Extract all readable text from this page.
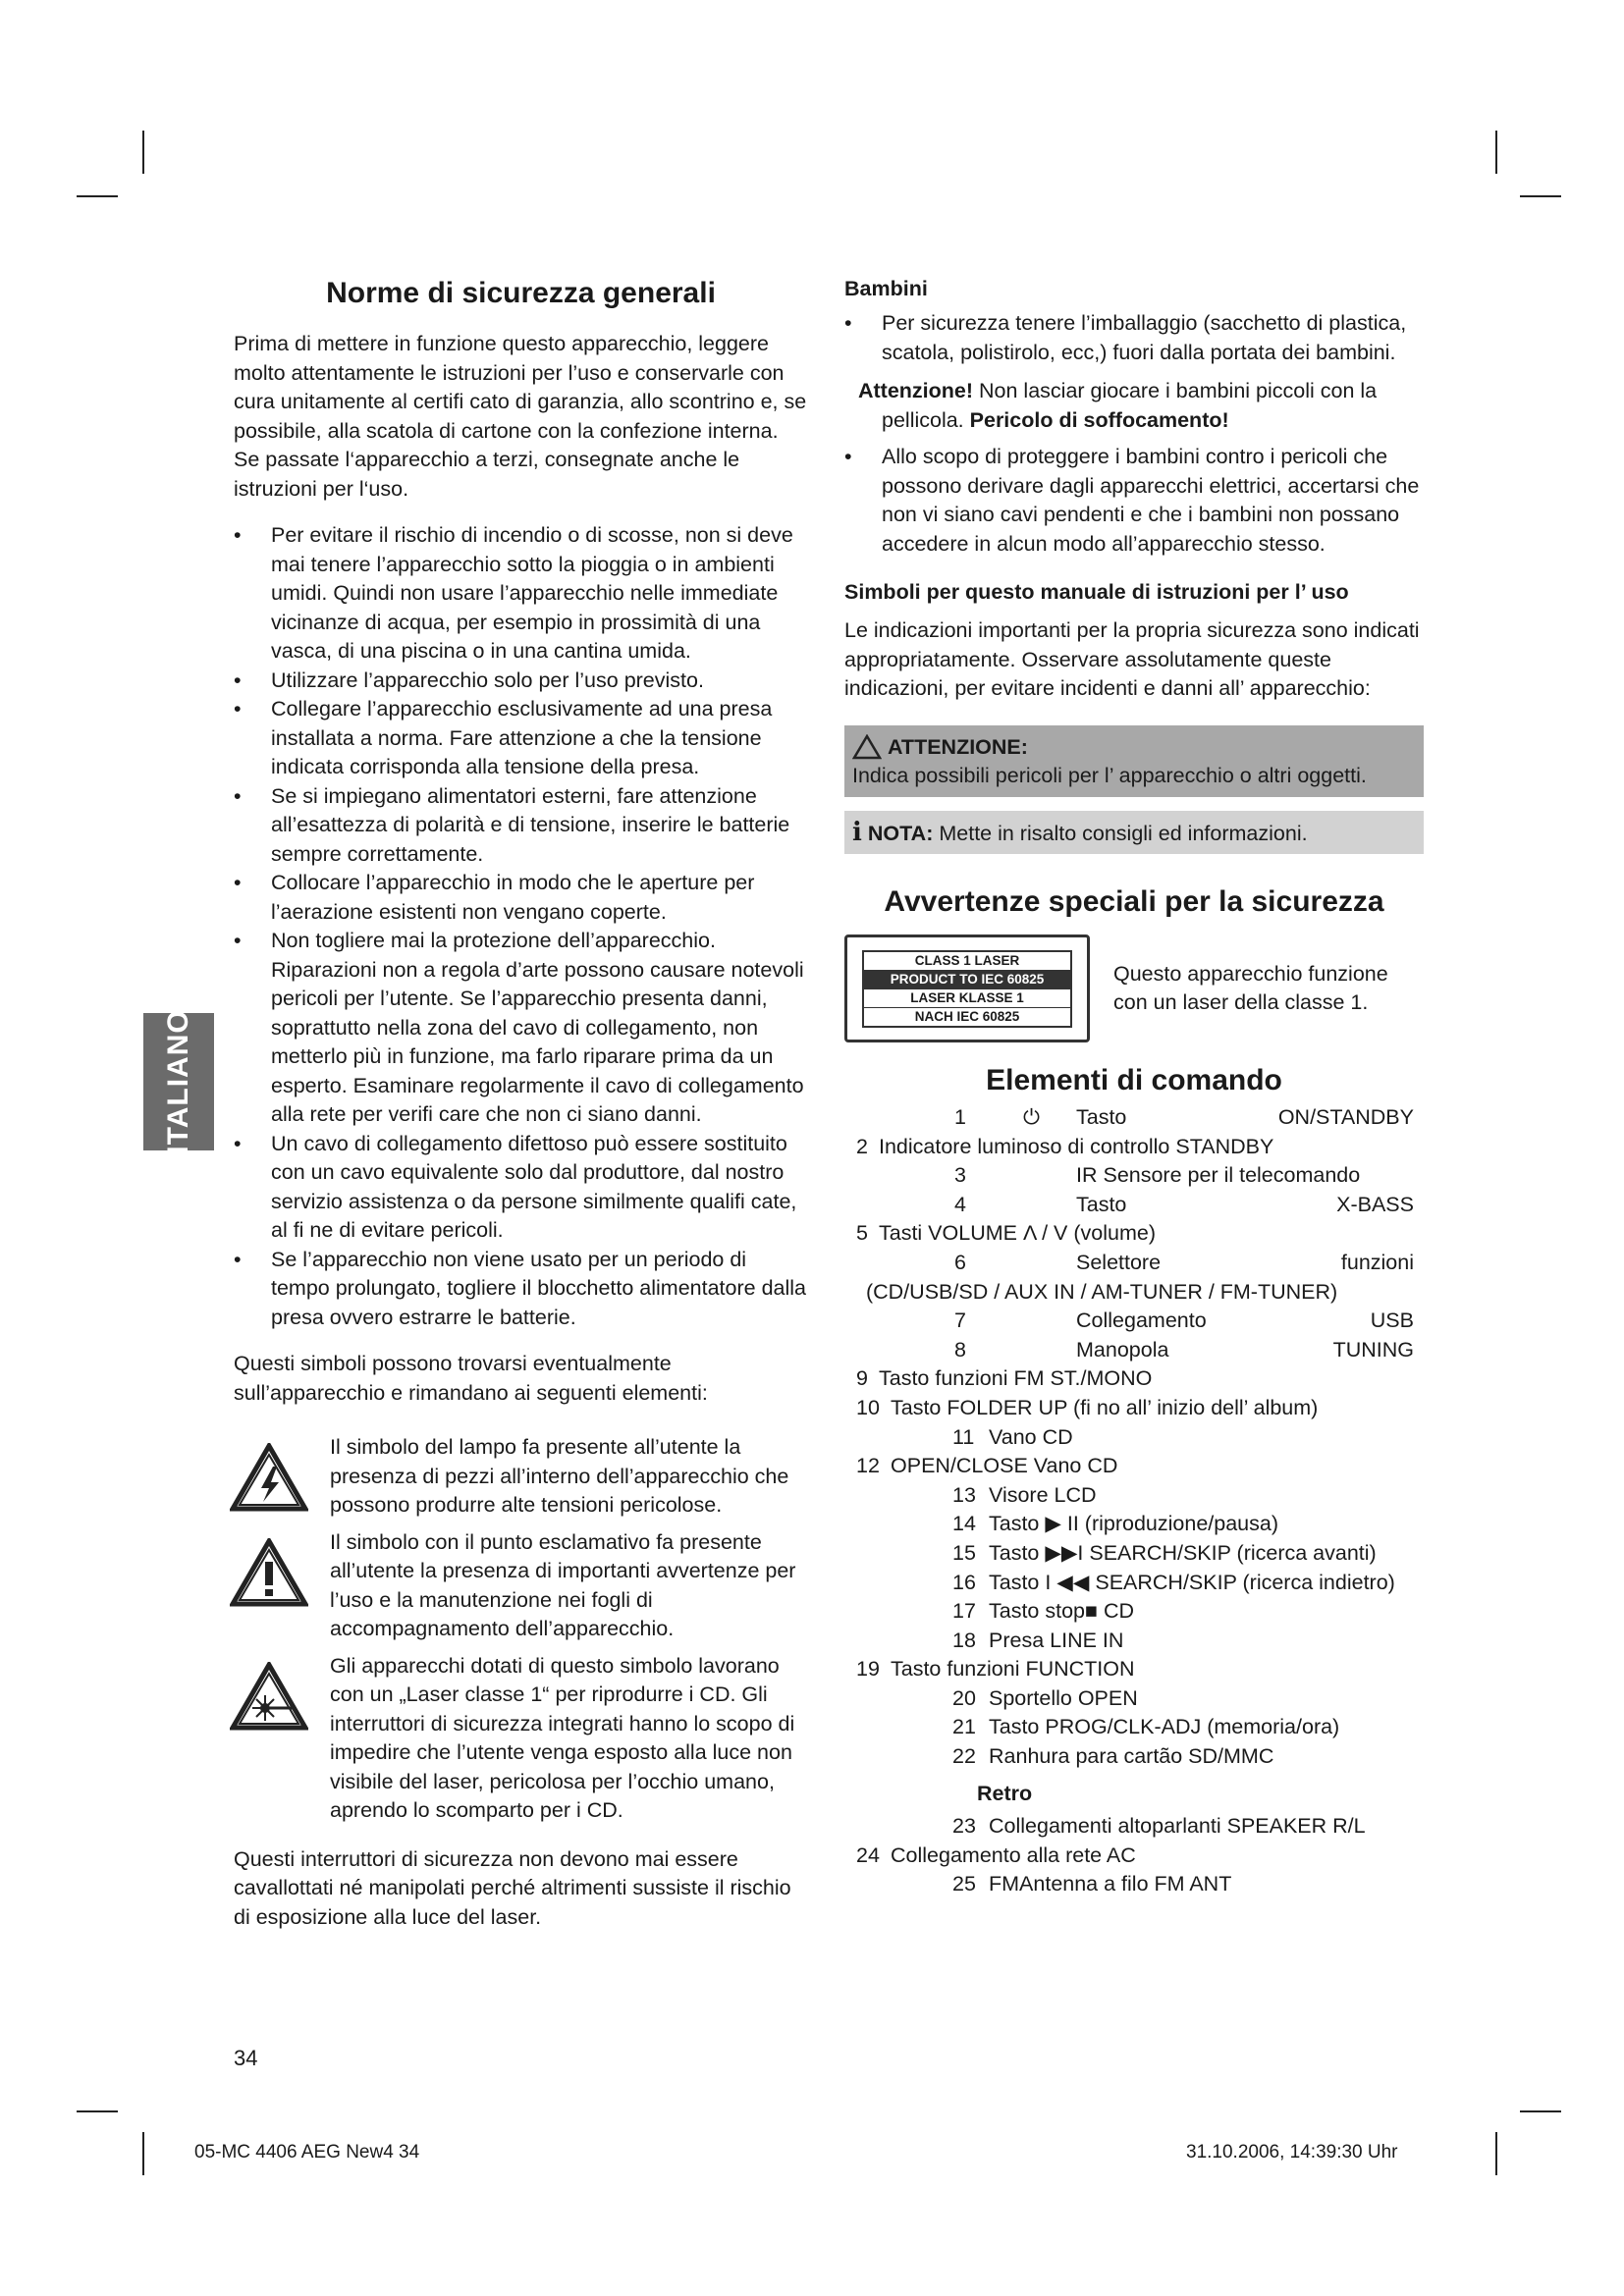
ITALIANO
Norme di sicurezza generali

Prima di mettere in funzione questo apparecchio, leggere molto attentamente le istruzioni per l’uso e conservarle con cura unitamente al certifi cato di garanzia, allo scontrino e, se possibile, alla scatola di cartone con la confezione interna. Se passate l‘apparecchio a terzi, consegnate anche le istruzioni per l‘uso.

• Per evitare il rischio di incendio o di scosse, non si deve mai tenere l’apparecchio sotto la pioggia o in ambienti umidi. Quindi non usare l’apparecchio nelle immediate vicinanze di acqua, per esempio in prossimità di una vasca, di una piscina o in una cantina umida.
• Utilizzare l’apparecchio solo per l’uso previsto.
• Collegare l’apparecchio esclusivamente ad una presa installata a norma. Fare attenzione a che la tensione indicata corrisponda alla tensione della presa.
• Se si impiegano alimentatori esterni, fare attenzione all’esattezza di polarità e di tensione, inserire le batterie sempre correttamente.
• Collocare l’apparecchio in modo che le aperture per l’aerazione esistenti non vengano coperte.
• Non togliere mai la protezione dell’apparecchio. Riparazioni non a regola d’arte possono causare notevoli pericoli per l’utente. Se l’apparecchio presenta danni, soprattutto nella zona del cavo di collegamento, non metterlo più in funzione, ma farlo riparare prima da un esperto. Esaminare regolarmente il cavo di collegamento alla rete per verifi care che non ci siano danni.
• Un cavo di collegamento difettoso può essere sostituito con un cavo equivalente solo dal produttore, dal nostro servizio assistenza o da persone similmente qualifi cate, al fi ne di evitare pericoli.
• Se l’apparecchio non viene usato per un periodo di tempo prolungato, togliere il blocchetto alimentatore dalla presa ovvero estrarre le batterie.

Questi simboli possono trovarsi eventualmente sull’apparecchio e rimandano ai seguenti elementi:

Il simbolo del lampo fa presente all’utente la presenza di pezzi all’interno dell’apparecchio che possono produrre alte tensioni pericolose.
Il simbolo con il punto esclamativo fa presente all’utente la presenza di importanti avvertenze per l’uso e la manutenzione nei fogli di accompagnamento dell’apparecchio.
Gli apparecchi dotati di questo simbolo lavorano con un „Laser classe 1“ per riprodurre i CD. Gli interruttori di sicurezza integrati hanno lo scopo di impedire che l’utente venga esposto alla luce non visibile del laser, pericolosa per l’occhio umano, aprendo lo scomparto per i CD.

Questi interruttori di sicurezza non devono mai essere cavallottati né manipolati perché altrimenti sussiste il rischio di esposizione alla luce del laser.

Bambini
• Per sicurezza tenere l’imballaggio (sacchetto di plastica, scatola, polistirolo, ecc,) fuori dalla portata dei bambini.

Attenzione! Non lasciar giocare i bambini piccoli con la pellicola. Pericolo di soffocamento!

• Allo scopo di proteggere i bambini contro i pericoli che possono derivare dagli apparecchi elettrici, accertarsi che non vi siano cavi pendenti e che i bambini non possano accedere in alcun modo all’apparecchio stesso.
Simboli per questo manuale di istruzioni per l’ uso

Le indicazioni importanti per la propria sicurezza sono indicati appropriatamente. Osservare assolutamente queste indicazioni, per evitare incidenti e danni all’ apparecchio:

ATTENZIONE:
Indica possibili pericoli per l’ apparecchio o altri oggetti.
i NOTA: Mette in risalto consigli ed informazioni.
Avvertenze speciali per la sicurezza
CLASS 1 LASER
PRODUCT TO IEC 60825
LASER KLASSE 1
NACH IEC 60825

Questo apparecchio funzione con un laser della classe 1.

Elementi di comando
1	⏻ Tasto	ON/STANDBY
2 Indicatore luminoso di controllo STANDBY
3	IR Sensore per il telecomando
4	Tasto	X-BASS
5 Tasti VOLUME Λ / V (volume)
6	Selettore	funzioni
(CD/USB/SD / AUX IN / AM-TUNER / FM-TUNER)
7	Collegamento	USB
8	Manopola	TUNING
9 Tasto funzioni FM ST./MONO
10 Tasto FOLDER UP (fi no all’ inizio dell’ album)
11 Vano CD
12 OPEN/CLOSE Vano CD
13 Visore LCD
14 Tasto ▶ II (riproduzione/pausa)
15 Tasto ▶▶I SEARCH/SKIP (ricerca avanti)
16 Tasto I ◀◀ SEARCH/SKIP (ricerca indietro)
17 Tasto stop■ CD
18 Presa LINE IN
19 Tasto funzioni FUNCTION
20 Sportello OPEN
21 Tasto PROG/CLK-ADJ (memoria/ora)
22 Ranhura para cartão SD/MMC
Retro
23 Collegamenti altoparlanti SPEAKER R/L
24 Collegamento alla rete AC
25 FMAntenna a filo FM ANT
34
05-MC 4406 AEG New4 34	31.10.2006, 14:39:30 Uhr
